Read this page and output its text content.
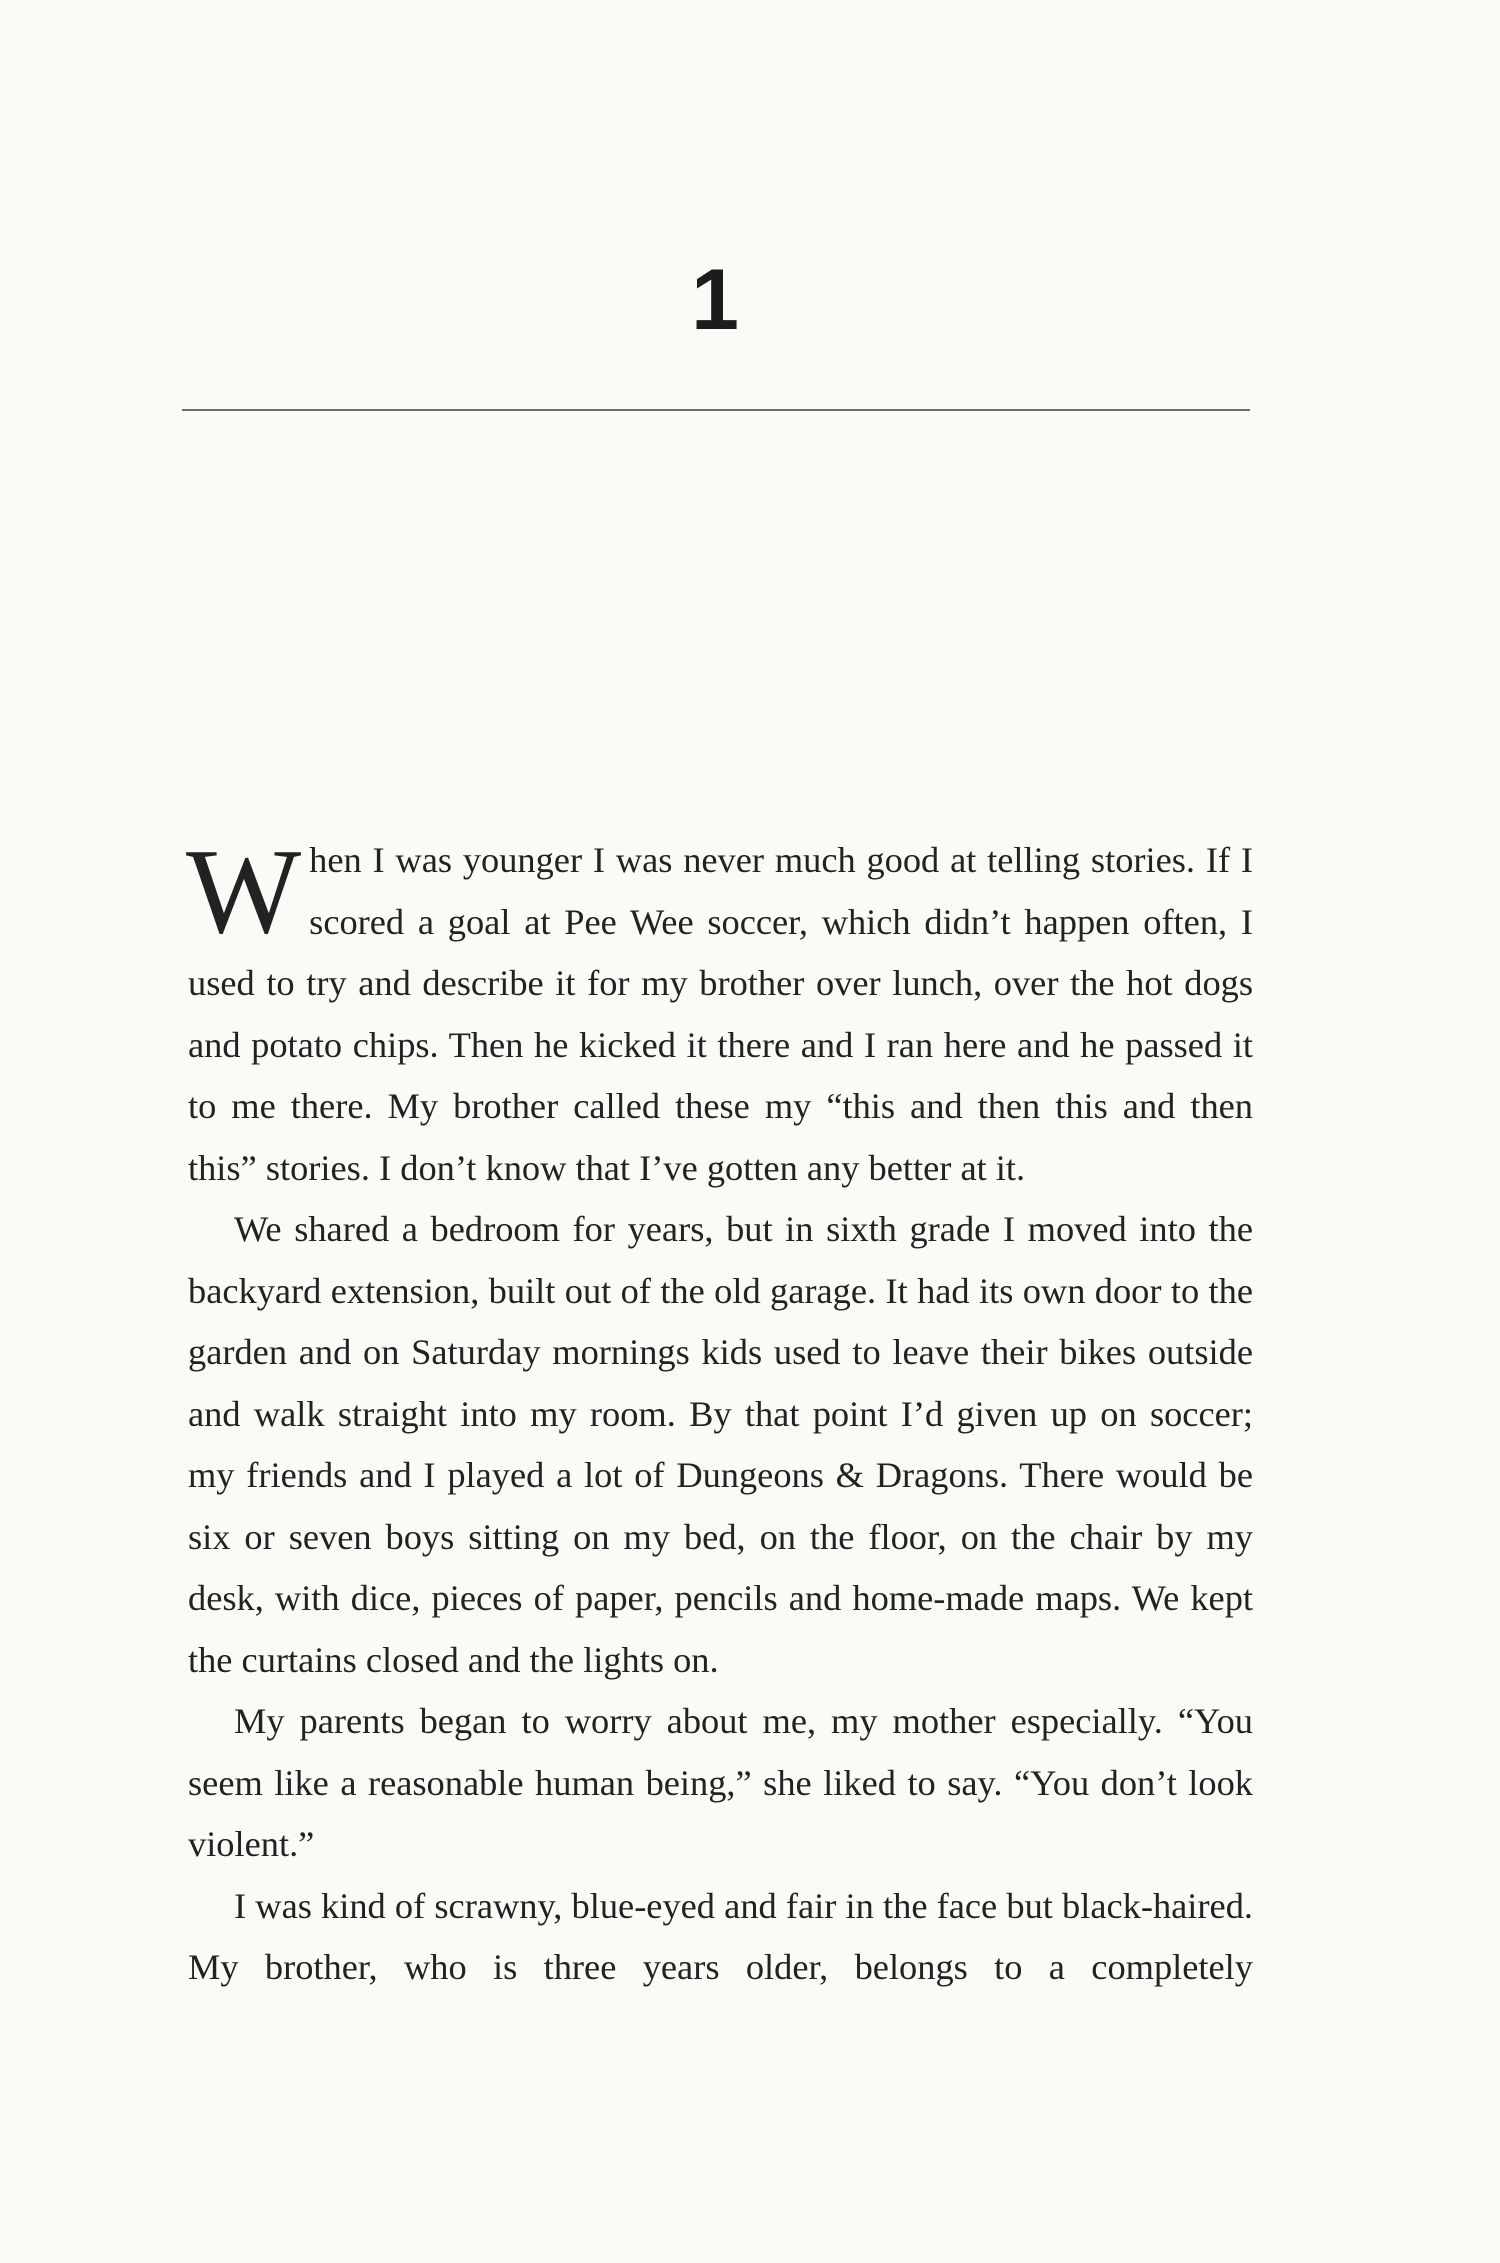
1

When I was younger I was never much good at telling stories. If I scored a goal at Pee Wee soccer, which didn’t happen often, I used to try and describe it for my brother over lunch, over the hot dogs and potato chips. Then he kicked it there and I ran here and he passed it to me there. My brother called these my “this and then this and then this” stories. I don’t know that I’ve gotten any better at it.

We shared a bedroom for years, but in sixth grade I moved into the backyard extension, built out of the old garage. It had its own door to the garden and on Saturday mornings kids used to leave their bikes outside and walk straight into my room. By that point I’d given up on soccer; my friends and I played a lot of Dungeons & Dragons. There would be six or seven boys sitting on my bed, on the floor, on the chair by my desk, with dice, pieces of paper, pencils and home-made maps. We kept the curtains closed and the lights on.

My parents began to worry about me, my mother especially. “You seem like a reasonable human being,” she liked to say. “You don’t look violent.”

I was kind of scrawny, blue-eyed and fair in the face but black-haired. My brother, who is three years older, belongs to a completely
